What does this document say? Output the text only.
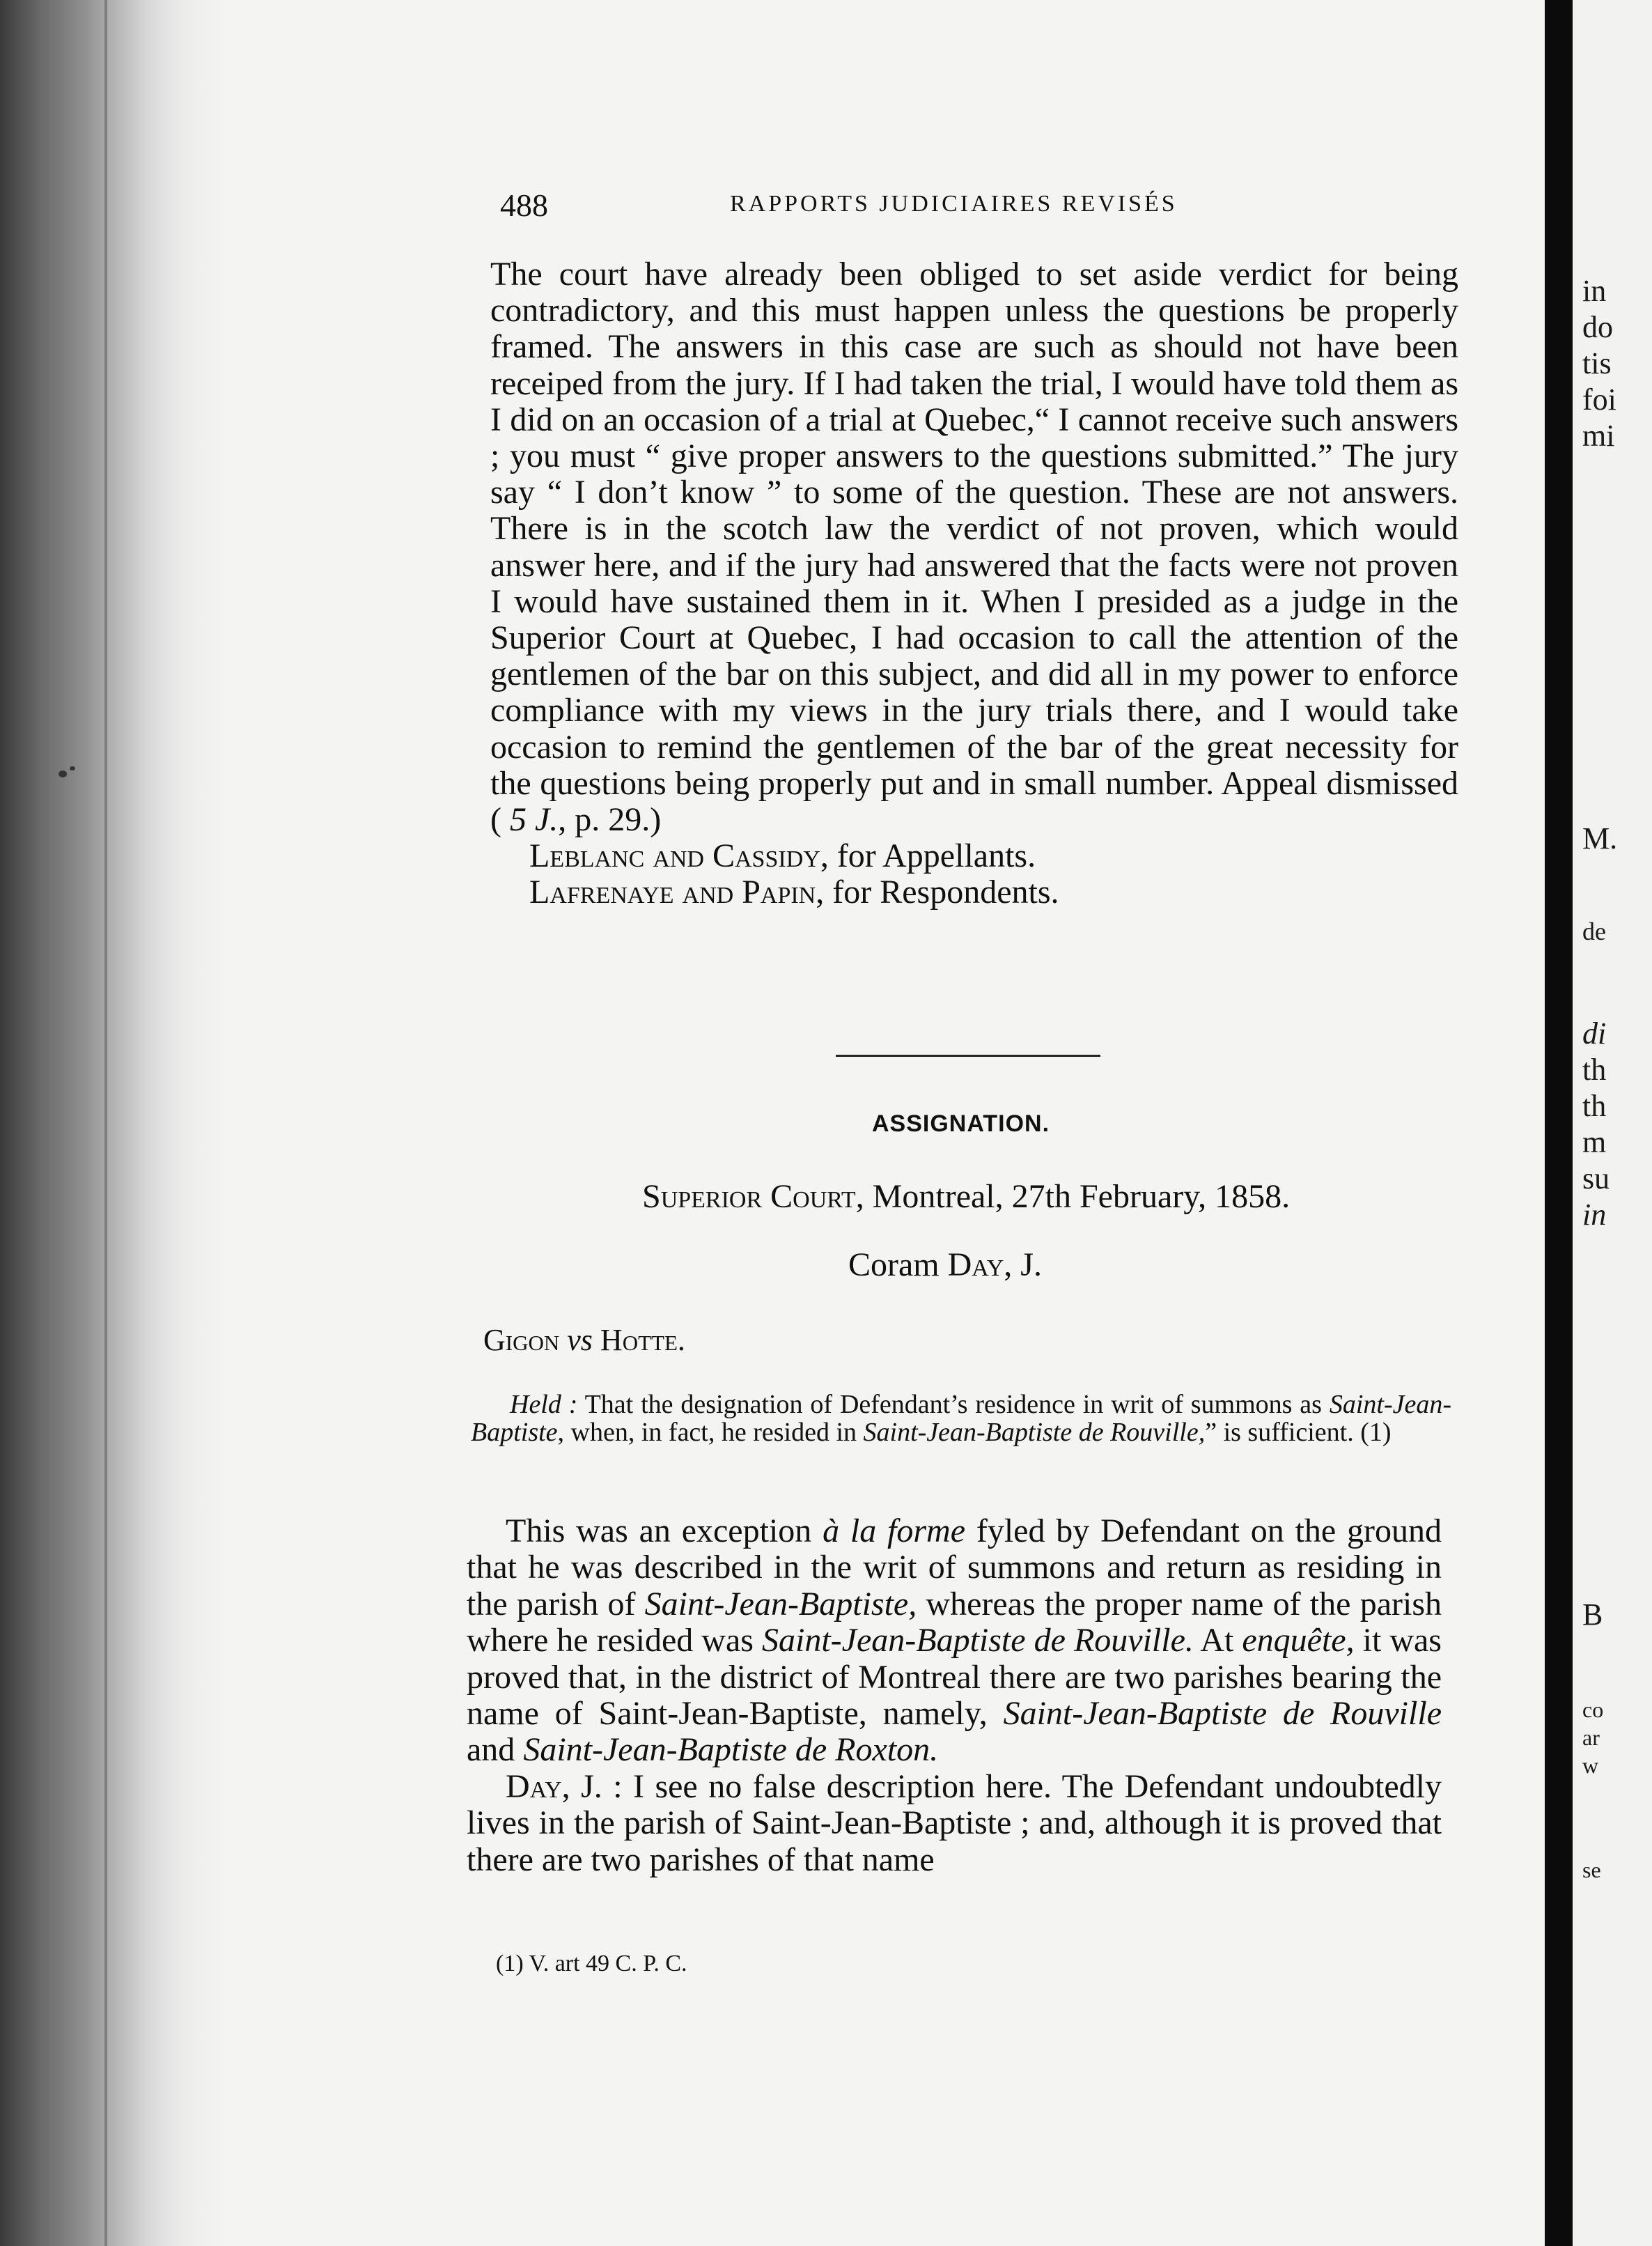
488	RAPPORTS JUDICIAIRES REVISÉS

The court have already been obliged to set aside verdict for being contradictory, and this must happen unless the questions be properly framed. The answers in this case are such as should not have been receiped from the jury. If I had taken the trial, I would have told them as I did on an occasion of a trial at Quebec,“ I cannot receive such answers ; you must “ give proper answers to the questions submitted.” The jury say “ I don’t know ” to some of the question. These are not answers. There is in the scotch law the verdict of not proven, which would answer here, and if the jury had answered that the facts were not proven I would have sustained them in it. When I presided as a judge in the Superior Court at Quebec, I had occasion to call the attention of the gentlemen of the bar on this subject, and did all in my power to enforce compliance with my views in the jury trials there, and I would take occasion to remind the gentlemen of the bar of the great necessity for the questions being properly put and in small number. Appeal dismissed ( 5 J., p. 29.)

Leblanc and Cassidy, for Appellants.

Lafrenaye and Papin, for Respondents.

ASSIGNATION.
Superior Court, Montreal, 27th February, 1858.
Coram Day, J.
Gigon vs Hotte.
Held : That the designation of Defendant’s residence in writ of summons as Saint-Jean-Baptiste, when, in fact, he resided in Saint-Jean-Baptiste de Rouville,” is sufficient. (1)

This was an exception à la forme fyled by Defendant on the ground that he was described in the writ of summons and return as residing in the parish of Saint-Jean-Baptiste, whereas the proper name of the parish where he resided was Saint-Jean-Baptiste de Rouville. At enquête, it was proved that, in the district of Montreal there are two parishes bearing the name of Saint-Jean-Baptiste, namely, Saint-Jean-Baptiste de Rouville and Saint-Jean-Baptiste de Roxton.

Day, J. : I see no false description here. The Defendant undoubtedly lives in the parish of Saint-Jean-Baptiste ; and, although it is proved that there are two parishes of that name

(1) V. art 49 C. P. C.
in
do
tis
foi
mi
M.
de
di
th
th
m
su
in
B
co
ar
w
se
